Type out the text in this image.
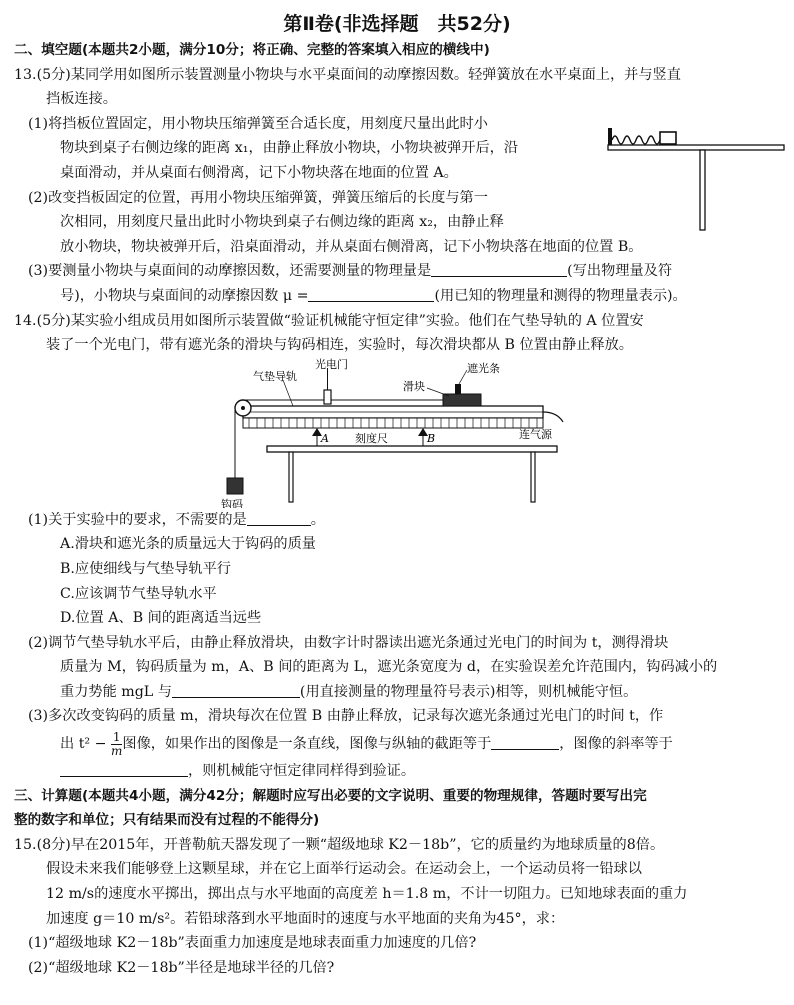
第Ⅱ卷(非选择题　共52分)
二、填空题(本题共2小题，满分10分；将正确、完整的答案填入相应的横线中)
13.(5分)某同学用如图所示装置测量小物块与水平桌面间的动摩擦因数。轻弹簧放在水平桌面上，并与竖直
挡板连接。
(1)将挡板位置固定，用小物块压缩弹簧至合适长度，用刻度尺量出此时小
物块到桌子右侧边缘的距离 x₁，由静止释放小物块，小物块被弹开后，沿
桌面滑动，并从桌面右侧滑离，记下小物块落在地面的位置 A。
(2)改变挡板固定的位置，再用小物块压缩弹簧，弹簧压缩后的长度与第一
次相同，用刻度尺量出此时小物块到桌子右侧边缘的距离 x₂，由静止释
放小物块，物块被弹开后，沿桌面滑动，并从桌面右侧滑离，记下小物块落在地面的位置 B。
(3)要测量小物块与桌面间的动摩擦因数，还需要测量的物理量是	(写出物理量及符
号)，小物块与桌面间的动摩擦因数 μ =	(用已知的物理量和测得的物理量表示)。
14.(5分)某实验小组成员用如图所示装置做“验证机械能守恒定律”实验。他们在气垫导轨的 A 位置安
装了一个光电门，带有遮光条的滑块与钩码相连，实验时，每次滑块都从 B 位置由静止释放。
光电门
气垫导轨
遮光条
滑块
A	B
刻度尺	连气源
钩码
(1)关于实验中的要求，不需要的是	。
A.滑块和遮光条的质量远大于钩码的质量
B.应使细线与气垫导轨平行
C.应该调节气垫导轨水平
D.位置 A、B 间的距离适当远些
(2)调节气垫导轨水平后，由静止释放滑块，由数字计时器读出遮光条通过光电门的时间为 t，测得滑块
质量为 M，钩码质量为 m，A、B 间的距离为 L，遮光条宽度为 d，在实验误差允许范围内，钩码减小的
重力势能 mgL 与	(用直接测量的物理量符号表示)相等，则机械能守恒。
(3)多次改变钩码的质量 m，滑块每次在位置 B 由静止释放，记录每次遮光条通过光电门的时间 t，作
出 $t^2 - \frac{1}{m}$ 图像，如果作出的图像是一条直线，图像与纵轴的截距等于	，图像的斜率等于
，则机械能守恒定律同样得到验证。
三、计算题(本题共4小题，满分42分；解题时应写出必要的文字说明、重要的物理规律，答题时要写出完
整的数字和单位；只有结果而没有过程的不能得分)
15.(8分)早在2015年，开普勒航天器发现了一颗“超级地球 K2－18b”，它的质量约为地球质量的8倍。
假设未来我们能够登上这颗星球，并在它上面举行运动会。在运动会上，一个运动员将一铅球以
12 m/s的速度水平掷出，掷出点与水平地面的高度差 h＝1.8 m，不计一切阻力。已知地球表面的重力
加速度 g＝10 m/s²。若铅球落到水平地面时的速度与水平地面的夹角为45°，求：
(1)“超级地球 K2－18b”表面重力加速度是地球表面重力加速度的几倍?
(2)“超级地球 K2－18b”半径是地球半径的几倍?
